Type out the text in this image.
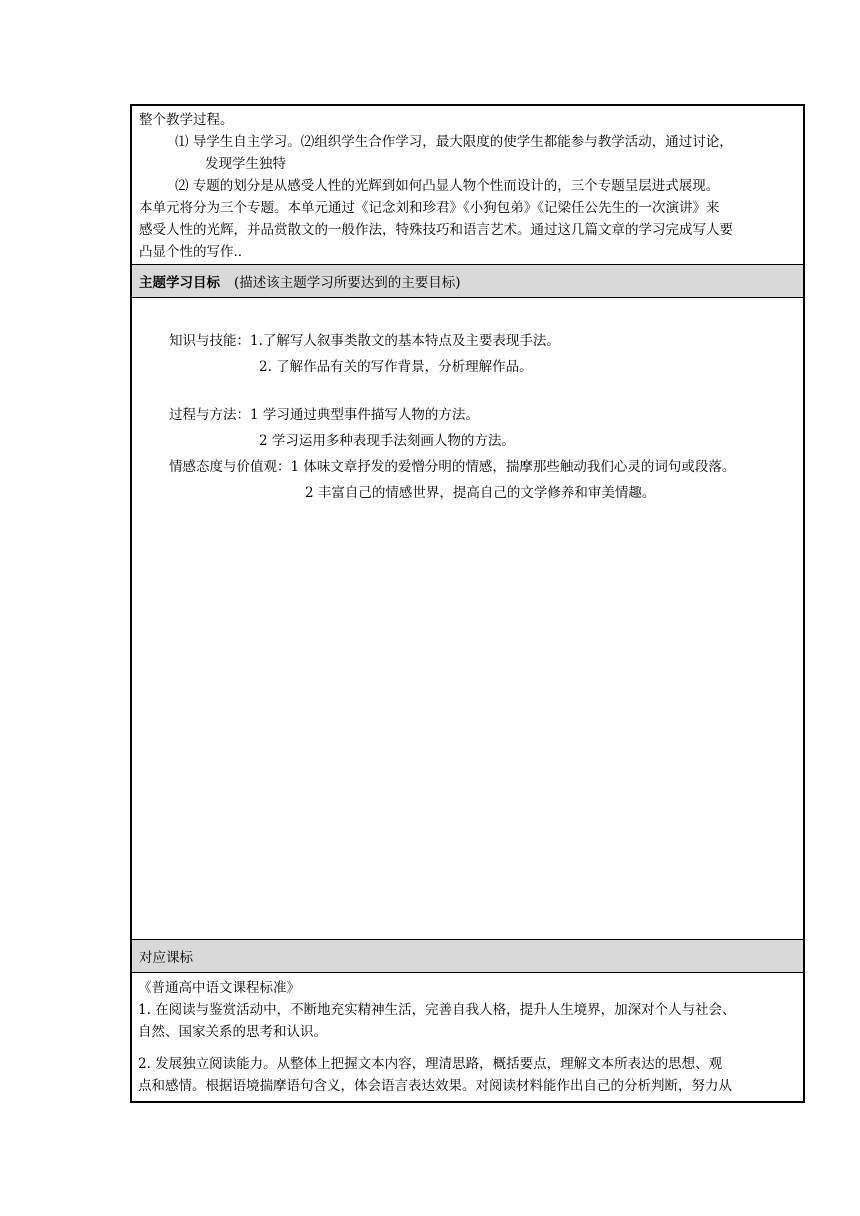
整个教学过程。

⑴ 导学生自主学习。⑵组织学生合作学习，最大限度的使学生都能参与教学活动，通过讨论，

发现学生独特

⑵ 专题的划分是从感受人性的光辉到如何凸显人物个性而设计的，三个专题呈层进式展现。

本单元将分为三个专题。本单元通过《记念刘和珍君》《小狗包弟》《记梁任公先生的一次演讲》来

感受人性的光辉，并品赏散文的一般作法，特殊技巧和语言艺术。通过这几篇文章的学习完成写人要

凸显个性的写作..

主题学习目标 (描述该主题学习所要达到的主要目标)

知识与技能：1.了解写人叙事类散文的基本特点及主要表现手法。

2. 了解作品有关的写作背景，分析理解作品。

过程与方法：1 学习通过典型事件描写人物的方法。

2 学习运用多种表现手法刻画人物的方法。

情感态度与价值观：1 体味文章抒发的爱憎分明的情感，揣摩那些触动我们心灵的词句或段落。

2 丰富自己的情感世界，提高自己的文学修养和审美情趣。

对应课标

《普通高中语文课程标准》

1. 在阅读与鉴赏活动中，不断地充实精神生活，完善自我人格，提升人生境界，加深对个人与社会、

自然、国家关系的思考和认识。

2. 发展独立阅读能力。从整体上把握文本内容，理清思路，概括要点，理解文本所表达的思想、观

点和感情。根据语境揣摩语句含义，体会语言表达效果。对阅读材料能作出自己的分析判断，努力从
